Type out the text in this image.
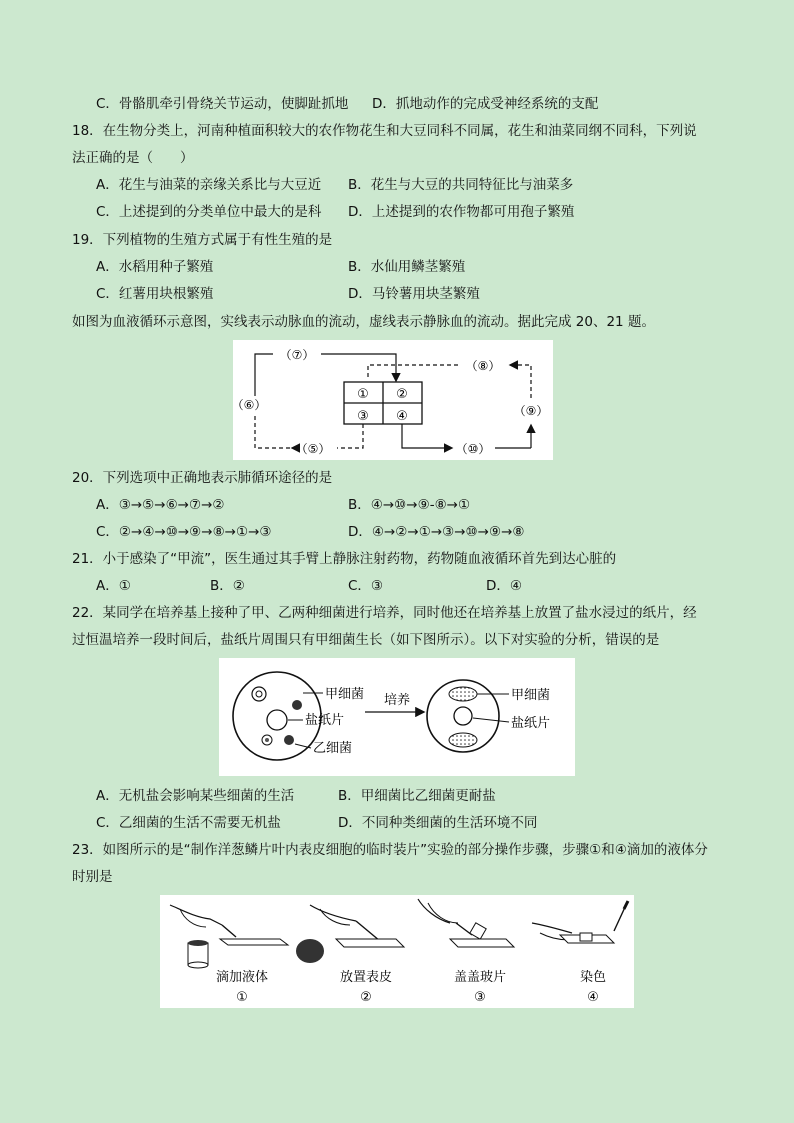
C．骨骼肌牵引骨绕关节运动，使脚趾抓地 D．抓地动作的完成受神经系统的支配
18．在生物分类上，河南种植面积较大的农作物花生和大豆同科不同属，花生和油菜同纲不同科，下列说
法正确的是（　　）
A．花生与油菜的亲缘关系比与大豆近 B．花生与大豆的共同特征比与油菜多
C．上述提到的分类单位中最大的是科 D．上述提到的农作物都可用孢子繁殖
19．下列植物的生殖方式属于有性生殖的是
A．水稻用种子繁殖	B．水仙用鳞茎繁殖
C．红薯用块根繁殖	D．马铃薯用块茎繁殖
如图为血液循环示意图，实线表示动脉血的流动，虚线表示静脉血的流动。据此完成 20、21 题。
① ②
③ ④
（⑦）
（⑥）
（⑤）
（⑧）
（⑨）
（⑩）
20．下列选项中正确地表示肺循环途径的是
A．③→⑤→⑥→⑦→②	B．④→⑩→⑨-⑧→①
C．②→④→⑩→⑨→⑧→①→③	D．④→②→①→③→⑩→⑨→⑧
21．小于感染了“甲流”，医生通过其手臂上静脉注射药物，药物随血液循环首先到达心脏的
A．①	B．②	C．③	D．④
22．某同学在培养基上接种了甲、乙两种细菌进行培养，同时他还在培养基上放置了盐水浸过的纸片，经
过恒温培养一段时间后，盐纸片周围只有甲细菌生长（如下图所示）。以下对实验的分析，错误的是
甲细菌
盐纸片
乙细菌
培养	甲细菌
盐纸片
A．无机盐会影响某些细菌的生活	B．甲细菌比乙细菌更耐盐
C．乙细菌的生活不需要无机盐	D．不同种类细菌的生活环境不同
23．如图所示的是“制作洋葱鳞片叶内表皮细胞的临时装片”实验的部分操作步骤，步骤①和④滴加的液体分
时别是
滴加液体
①
放置表皮
②
盖盖玻片
③
染色
④
